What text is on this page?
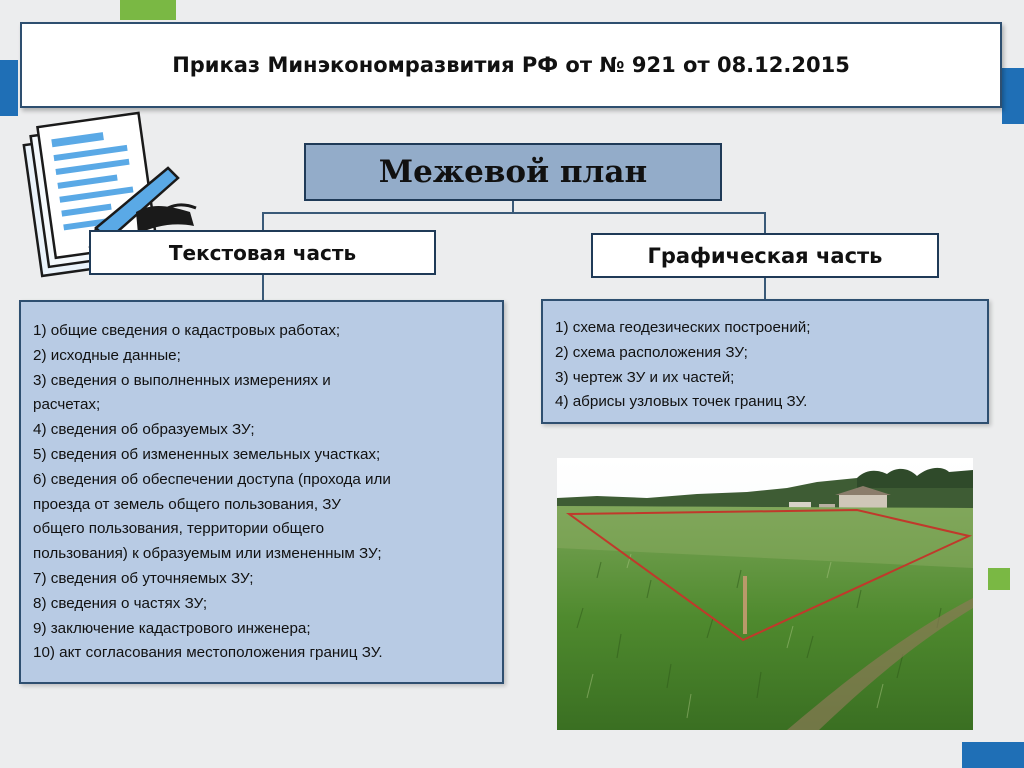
Приказ Минэкономразвития РФ от № 921 от 08.12.2015
Межевой план
Текстовая часть	Графическая часть
1) общие сведения о кадастровых работах;
2) исходные данные;
3) сведения о выполненных измерениях и
расчетах;
4) сведения об образуемых ЗУ;
5) сведения об измененных земельных участках;
6) сведения об обеспечении доступа (прохода или
проезда от земель общего пользования, ЗУ
общего пользования, территории общего
пользования) к образуемым или измененным ЗУ;
7) сведения об уточняемых ЗУ;
8) сведения о частях ЗУ;
9) заключение кадастрового инженера;
10) акт согласования местоположения границ ЗУ.
1) схема геодезических построений;
2) схема расположения ЗУ;
3) чертеж ЗУ и их частей;
4) абрисы узловых точек границ ЗУ.
